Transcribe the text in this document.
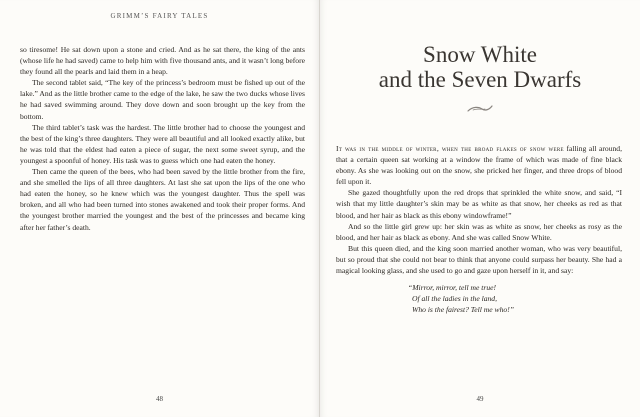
GRIMM’S FAIRY TALES

so tiresome! He sat down upon a stone and cried. And as he sat there, the king of the ants (whose life he had saved) came to help him with five thousand ants, and it wasn’t long before they found all the pearls and laid them in a heap.

The second tablet said, “The key of the princess’s bedroom must be fished up out of the lake.” And as the little brother came to the edge of the lake, he saw the two ducks whose lives he had saved swimming around. They dove down and soon brought up the key from the bottom.

The third tablet’s task was the hardest. The little brother had to choose the youngest and the best of the king’s three daughters. They were all beautiful and all looked exactly alike, but he was told that the eldest had eaten a piece of sugar, the next some sweet syrup, and the youngest a spoonful of honey. His task was to guess which one had eaten the honey.

Then came the queen of the bees, who had been saved by the little brother from the fire, and she smelled the lips of all three daughters. At last she sat upon the lips of the one who had eaten the honey, so he knew which was the youngest daughter. Thus the spell was broken, and all who had been turned into stones awakened and took their proper forms. And the youngest brother married the youngest and the best of the princesses and became king after her father’s death.

48
Snow White
and the Seven Dwarfs

It was in the middle of winter, when the broad flakes of snow were falling all around, that a certain queen sat working at a window the frame of which was made of fine black ebony. As she was looking out on the snow, she pricked her finger, and three drops of blood fell upon it.

She gazed thoughtfully upon the red drops that sprinkled the white snow, and said, “I wish that my little daughter’s skin may be as white as that snow, her cheeks as red as that blood, and her hair as black as this ebony windowframe!”

And so the little girl grew up: her skin was as white as snow, her cheeks as rosy as the blood, and her hair as black as ebony. And she was called Snow White.

But this queen died, and the king soon married another woman, who was very beautiful, but so proud that she could not bear to think that anyone could surpass her beauty. She had a magical looking glass, and she used to go and gaze upon herself in it, and say:

“Mirror, mirror, tell me true!
Of all the ladies in the land,
Who is the fairest? Tell me who!”
49
